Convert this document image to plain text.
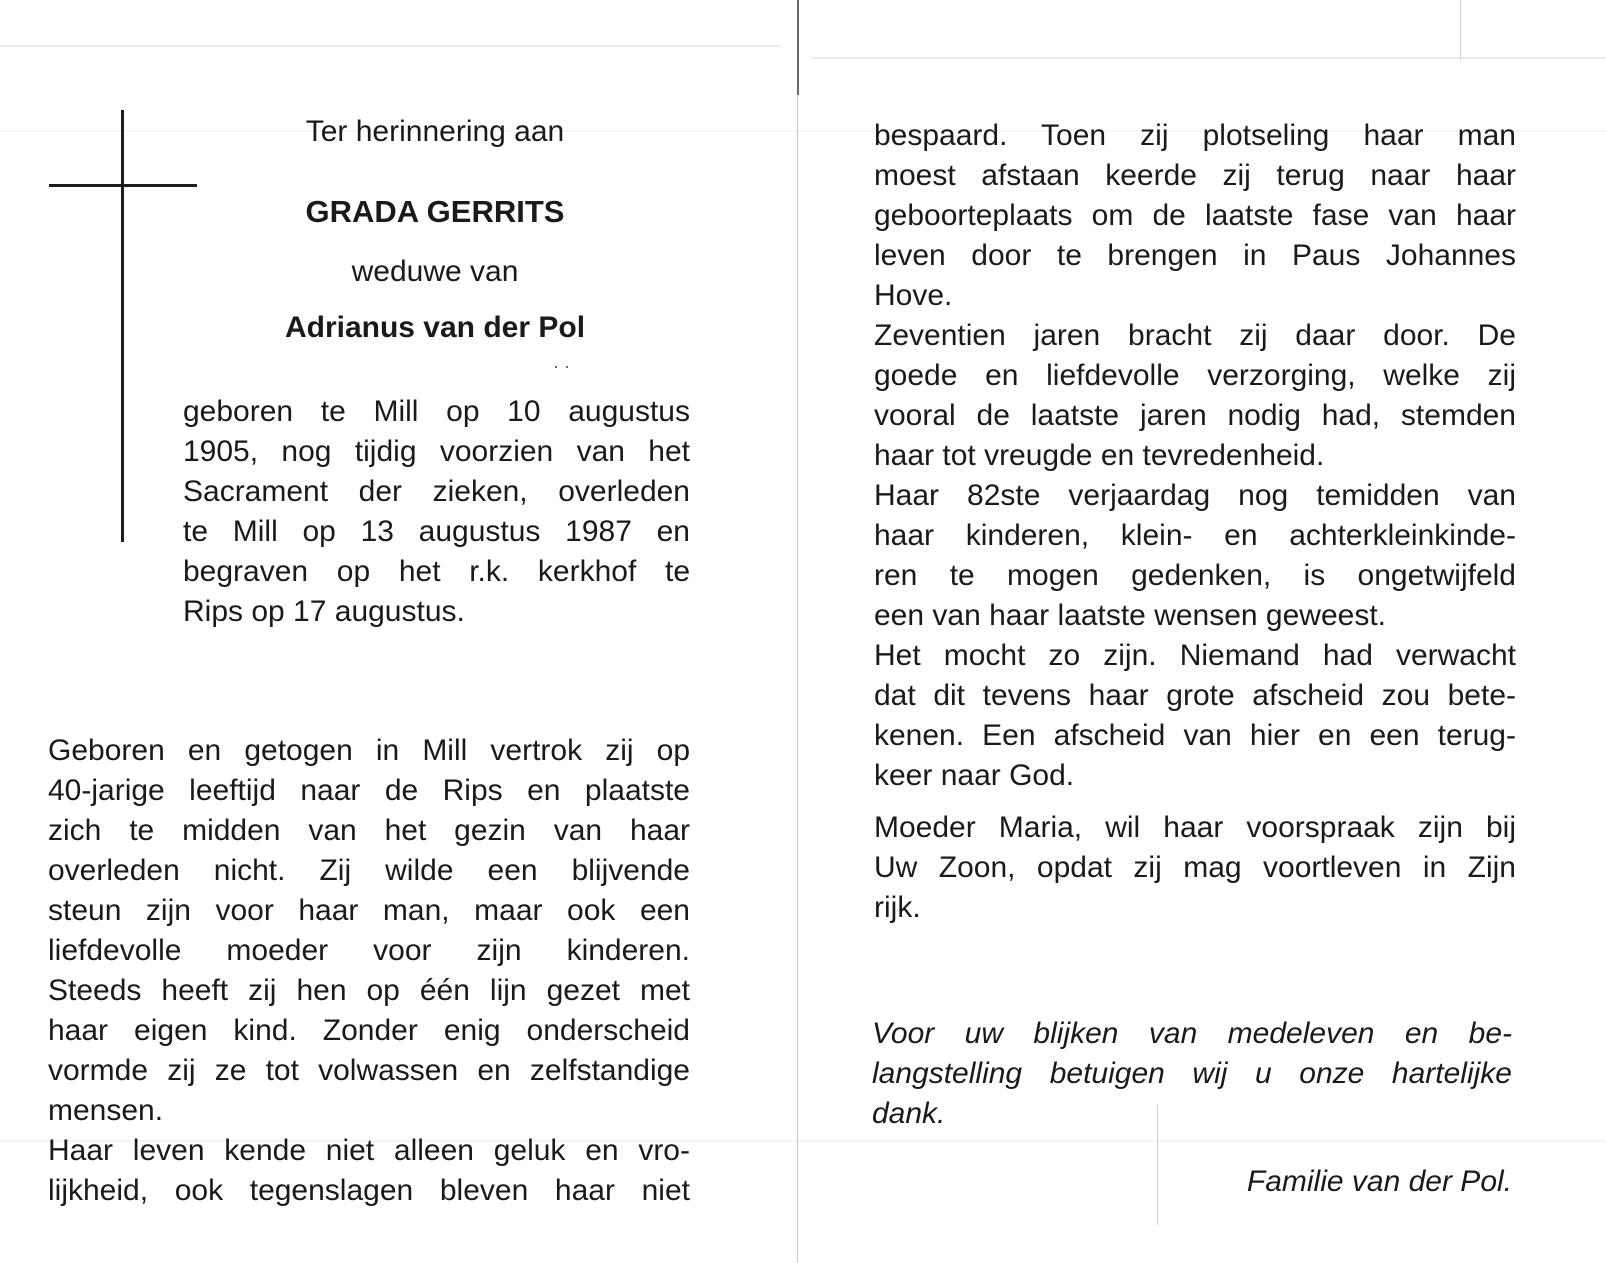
Ter herinnering aan
GRADA GERRITS
weduwe van
Adrianus van der Pol
··
geboren te Mill op 10 augustus
1905, nog tijdig voorzien van het
Sacrament der zieken, overleden
te Mill op 13 augustus 1987 en
begraven op het r.k. kerkhof te
Rips op 17 augustus.
Geboren en getogen in Mill vertrok zij op
40-jarige leeftijd naar de Rips en plaatste
zich te midden van het gezin van haar
overleden nicht. Zij wilde een blijvende
steun zijn voor haar man, maar ook een
liefdevolle moeder voor zijn kinderen.
Steeds heeft zij hen op één lijn gezet met
haar eigen kind. Zonder enig onderscheid
vormde zij ze tot volwassen en zelfstandige
mensen.
Haar leven kende niet alleen geluk en vro-
lijkheid, ook tegenslagen bleven haar niet
bespaard. Toen zij plotseling haar man
moest afstaan keerde zij terug naar haar
geboorteplaats om de laatste fase van haar
leven door te brengen in Paus Johannes
Hove.
Zeventien jaren bracht zij daar door. De
goede en liefdevolle verzorging, welke zij
vooral de laatste jaren nodig had, stemden
haar tot vreugde en tevredenheid.
Haar 82ste verjaardag nog temidden van
haar kinderen, klein- en achterkleinkinde-
ren te mogen gedenken, is ongetwijfeld
een van haar laatste wensen geweest.
Het mocht zo zijn. Niemand had verwacht
dat dit tevens haar grote afscheid zou bete-
kenen. Een afscheid van hier en een terug-
keer naar God.
Moeder Maria, wil haar voorspraak zijn bij
Uw Zoon, opdat zij mag voortleven in Zijn
rijk.
Voor uw blijken van medeleven en be-
langstelling betuigen wij u onze hartelijke
dank.
Familie van der Pol.
